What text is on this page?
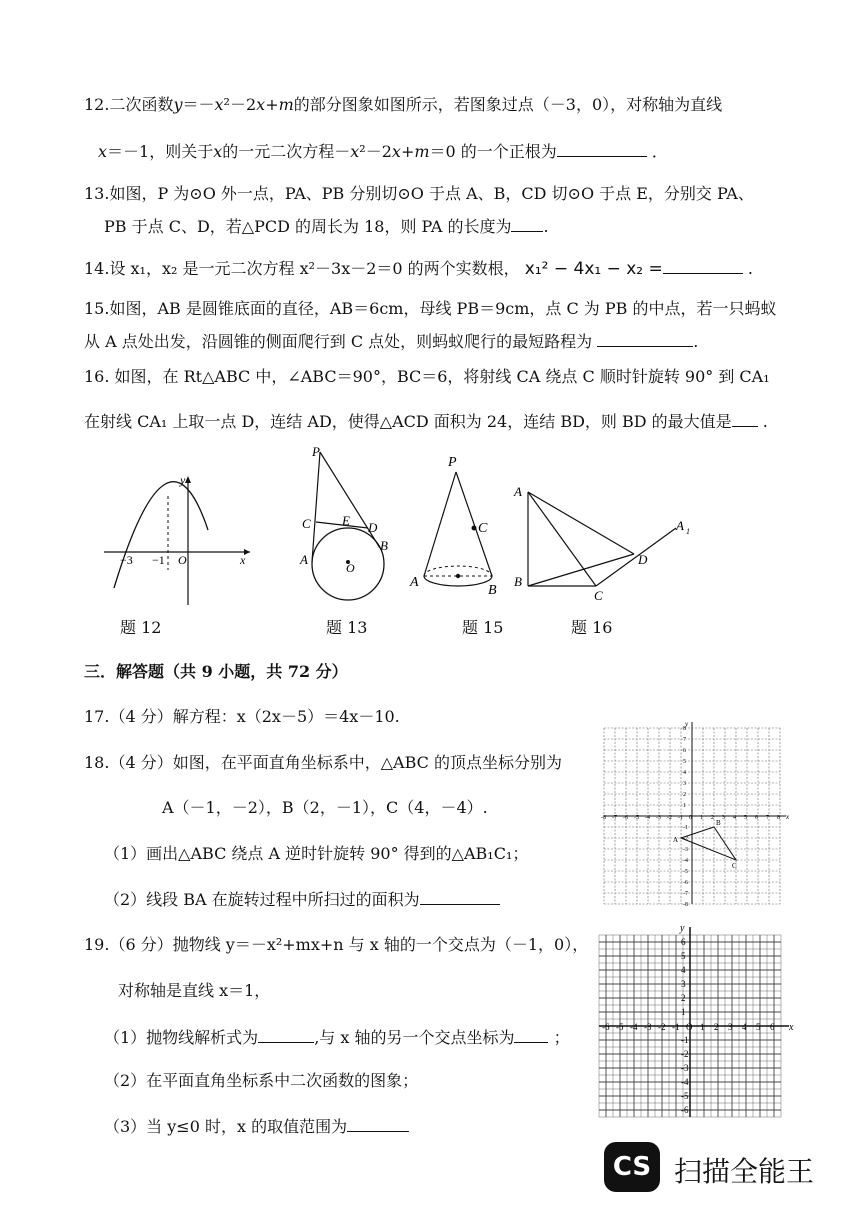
12.二次函数y＝－x²－2x+m的部分图象如图所示，若图象过点（－3，0），对称轴为直线
x＝－1，则关于x的一元二次方程－x²－2x+m＝0 的一个正根为	．
13.如图，P 为⊙O 外一点，PA、PB 分别切⊙O 于点 A、B，CD 切⊙O 于点 E，分别交 PA、
PB 于点 C、D，若△PCD 的周长为 18，则 PA 的长度为 .
14.设 x₁，x₂ 是一元二次方程 x²－3x－2＝0 的两个实数根， x₁² − 4x₁ − x₂ =	.
15.如图，AB 是圆锥底面的直径，AB＝6cm，母线 PB＝9cm，点 C 为 PB 的中点，若一只蚂蚁
从 A 点处出发，沿圆锥的侧面爬行到 C 点处，则蚂蚁爬行的最短路程为	.
16. 如图，在 Rt△ABC 中，∠ABC＝90°，BC＝6，将射线 CA 绕点 C 顺时针旋转 90° 到 CA₁
在射线 CA₁ 上取一点 D，连结 AD，使得△ACD 面积为 24，连结 BD，则 BD 的最大值是 .
y
x
−3 −1 O
题 12
P
C E D
B
A
O
题 13
P
C
A
B
题 15
A
A 1
D
B
C
题 16
三．解答题（共 9 小题，共 72 分）
17.（4 分）解方程：x（2x－5）＝4x－10.
18.（4 分）如图，在平面直角坐标系中，△ABC 的顶点坐标分别为
A（－1，－2），B（2，－1），C（4，－4）.
（1）画出△ABC 绕点 A 逆时针旋转 90° 得到的△AB₁C₁；
（2）线段 BA 在旋转过程中所扫过的面积为
x
y
-8 -7 -6 -5 -4 -3 -2 -1 0 1 2 3 4 5 6 7 8
8
7
6
5
4
3
2
1
-1
-2
-3
-4
-5
-6
-7
-8
A
B
C
19.（6 分）抛物线 y＝－x²+mx+n 与 x 轴的一个交点为（－1，0），
对称轴是直线 x＝1，
（1）抛物线解析式为	,与 x 轴的另一个交点坐标为 ；
（2）在平面直角坐标系中二次函数的图象；
（3）当 y≤0 时，x 的取值范围为
x
y
-6 -5 -4 -3 -2 -1 O 1 2 3 4 5 6
6
5
4
3
2
1
-1
-2
-3
-4
-5
-6
CS 扫描全能王
